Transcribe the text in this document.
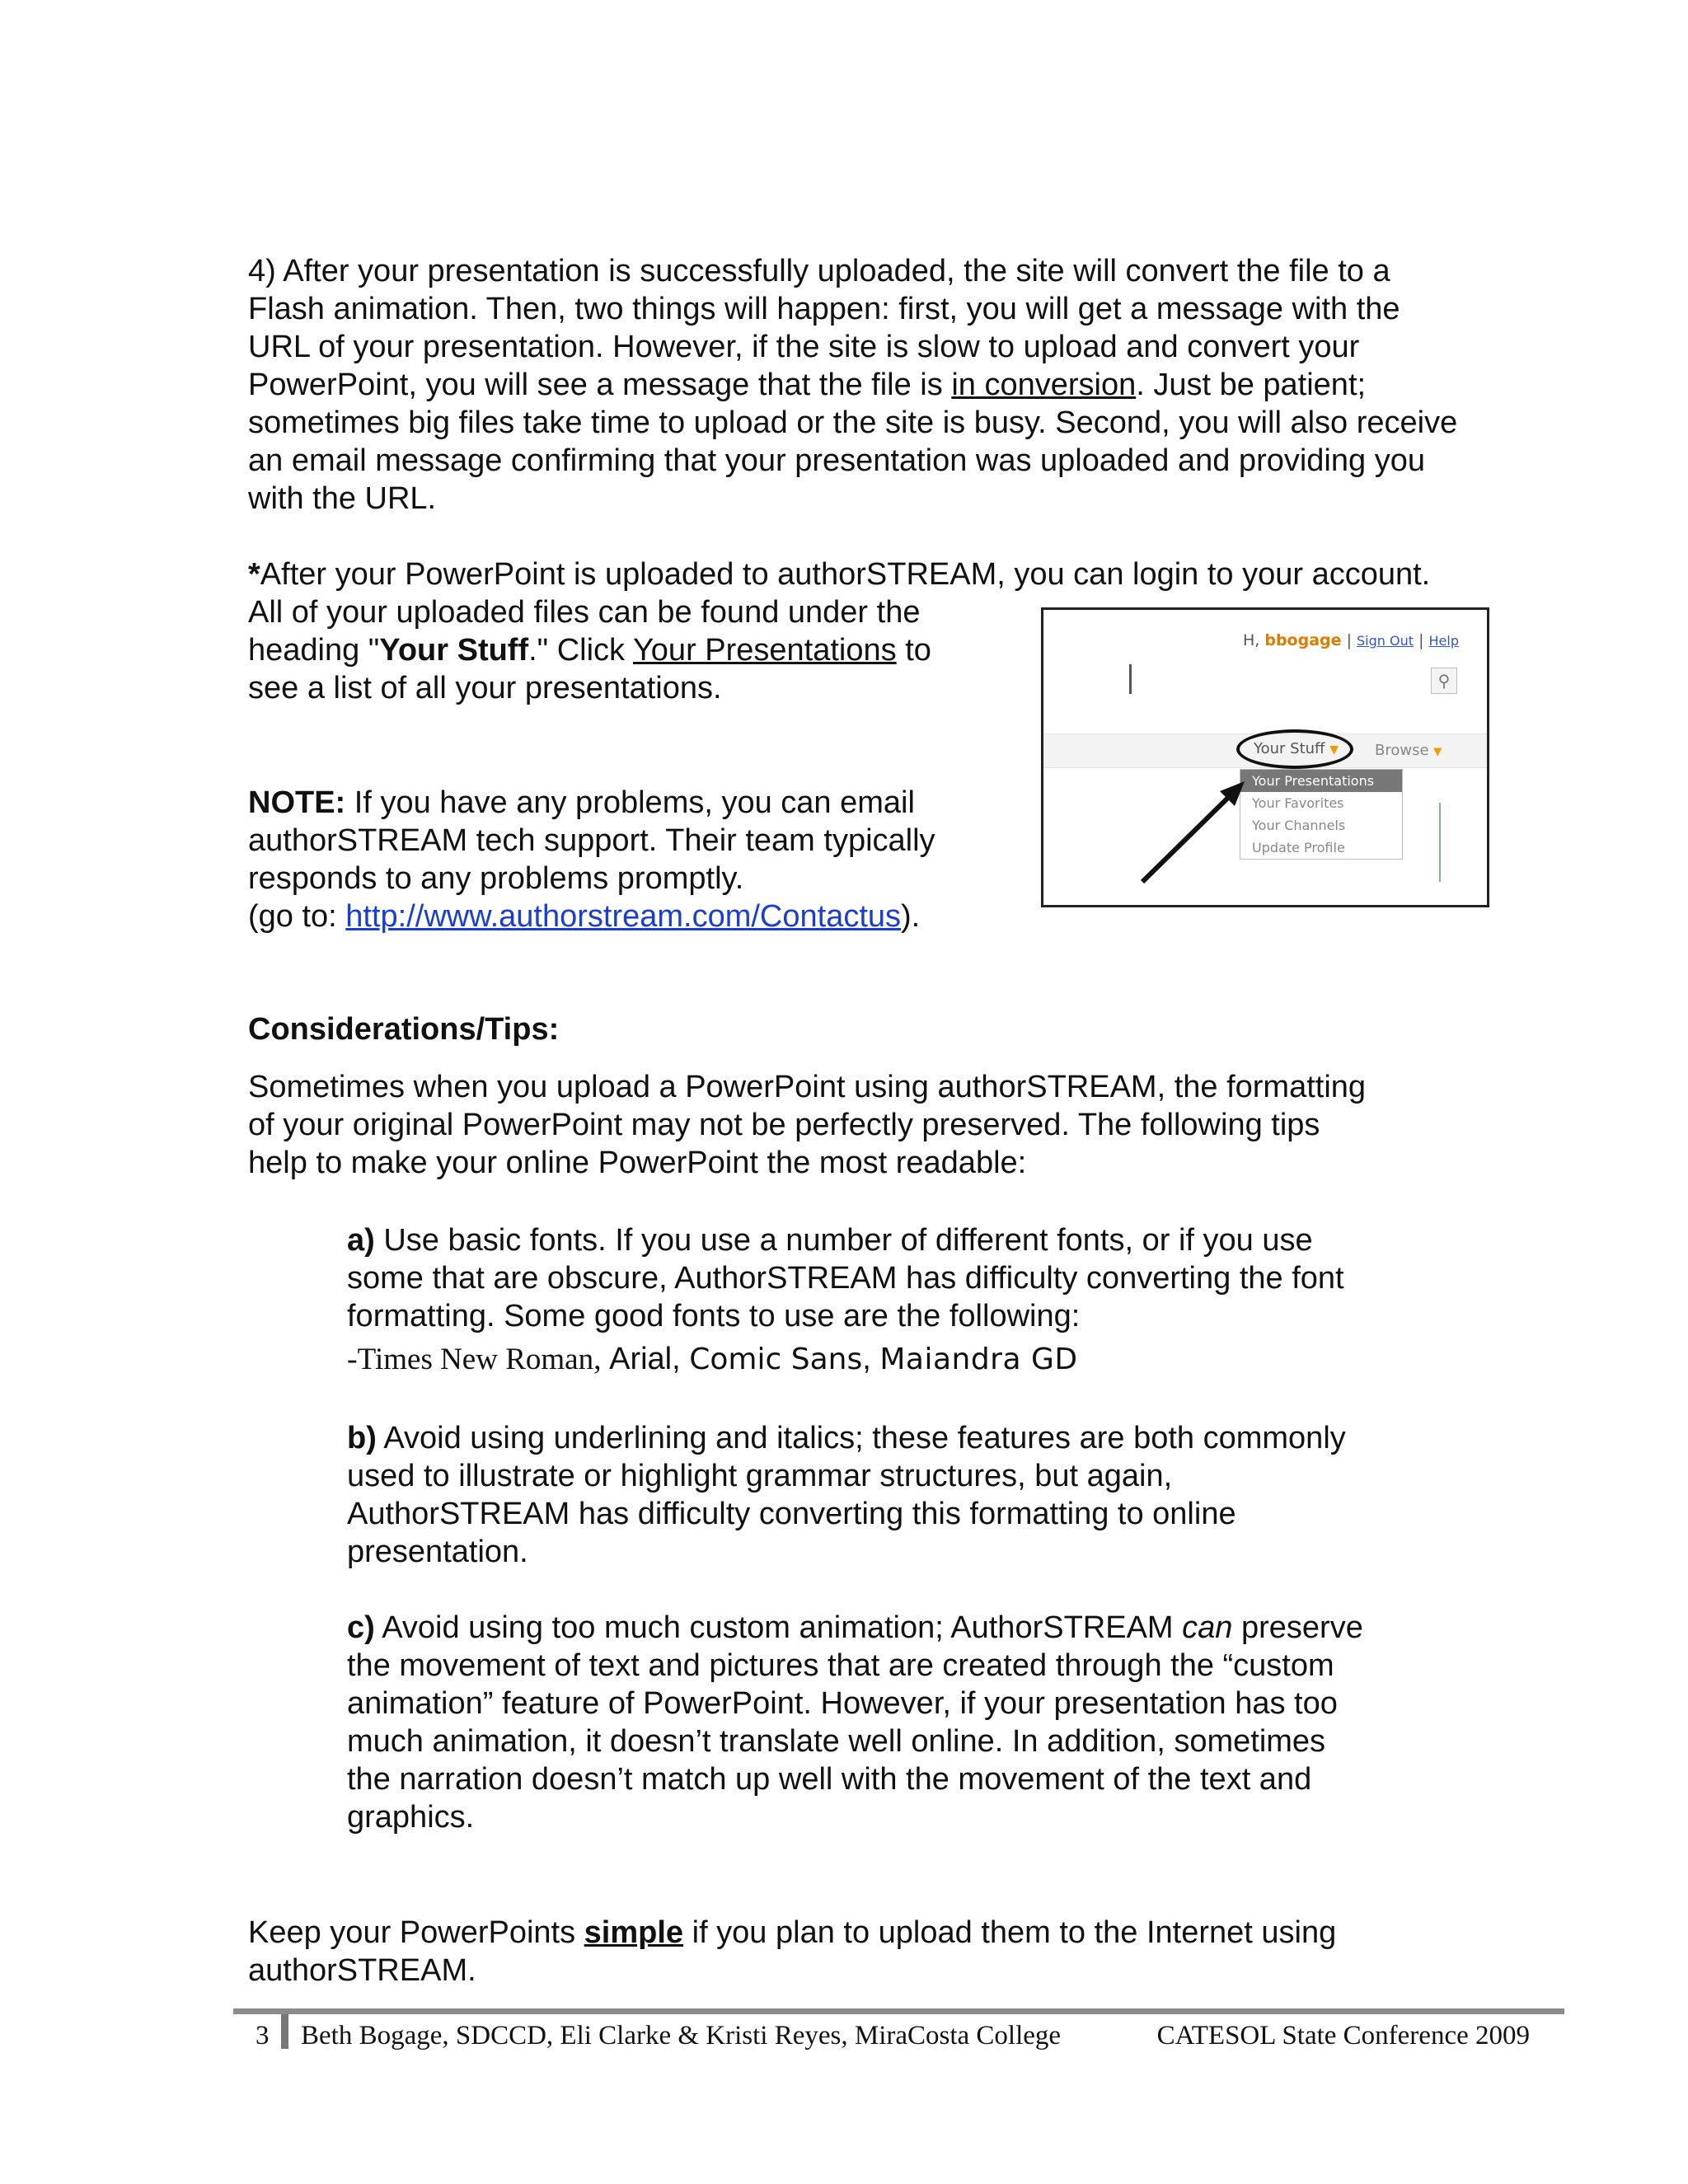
4) After your presentation is successfully uploaded, the site will convert the file to a

Flash animation. Then, two things will happen: first, you will get a message with the

URL of your presentation. However, if the site is slow to upload and convert your

PowerPoint, you will see a message that the file is in conversion. Just be patient;

sometimes big files take time to upload or the site is busy. Second, you will also receive

an email message confirming that your presentation was uploaded and providing you

with the URL.

*After your PowerPoint is uploaded to authorSTREAM, you can login to your account.

All of your uploaded files can be found under the

heading "Your Stuff." Click Your Presentations to

see a list of all your presentations.

NOTE: If you have any problems, you can email

authorSTREAM tech support. Their team typically

responds to any problems promptly.

(go to: http://www.authorstream.com/Contactus).

H, bbogage | Sign Out | Help
⚲
Your Stuff ▼ Browse ▼
Your Presentations
Your Favorites
Your Channels
Update Profile

Considerations/Tips:

Sometimes when you upload a PowerPoint using authorSTREAM, the formatting

of your original PowerPoint may not be perfectly preserved. The following tips

help to make your online PowerPoint the most readable:

a) Use basic fonts. If you use a number of different fonts, or if you use

some that are obscure, AuthorSTREAM has difficulty converting the font

formatting. Some good fonts to use are the following:

-Times New Roman, Arial, Comic Sans, Maiandra GD

b) Avoid using underlining and italics; these features are both commonly

used to illustrate or highlight grammar structures, but again,

AuthorSTREAM has difficulty converting this formatting to online

presentation.

c) Avoid using too much custom animation; AuthorSTREAM can preserve

the movement of text and pictures that are created through the “custom

animation” feature of PowerPoint. However, if your presentation has too

much animation, it doesn’t translate well online. In addition, sometimes

the narration doesn’t match up well with the movement of the text and

graphics.

Keep your PowerPoints simple if you plan to upload them to the Internet using

authorSTREAM.

3 Beth Bogage, SDCCD, Eli Clarke & Kristi Reyes, MiraCosta College	CATESOL State Conference 2009
